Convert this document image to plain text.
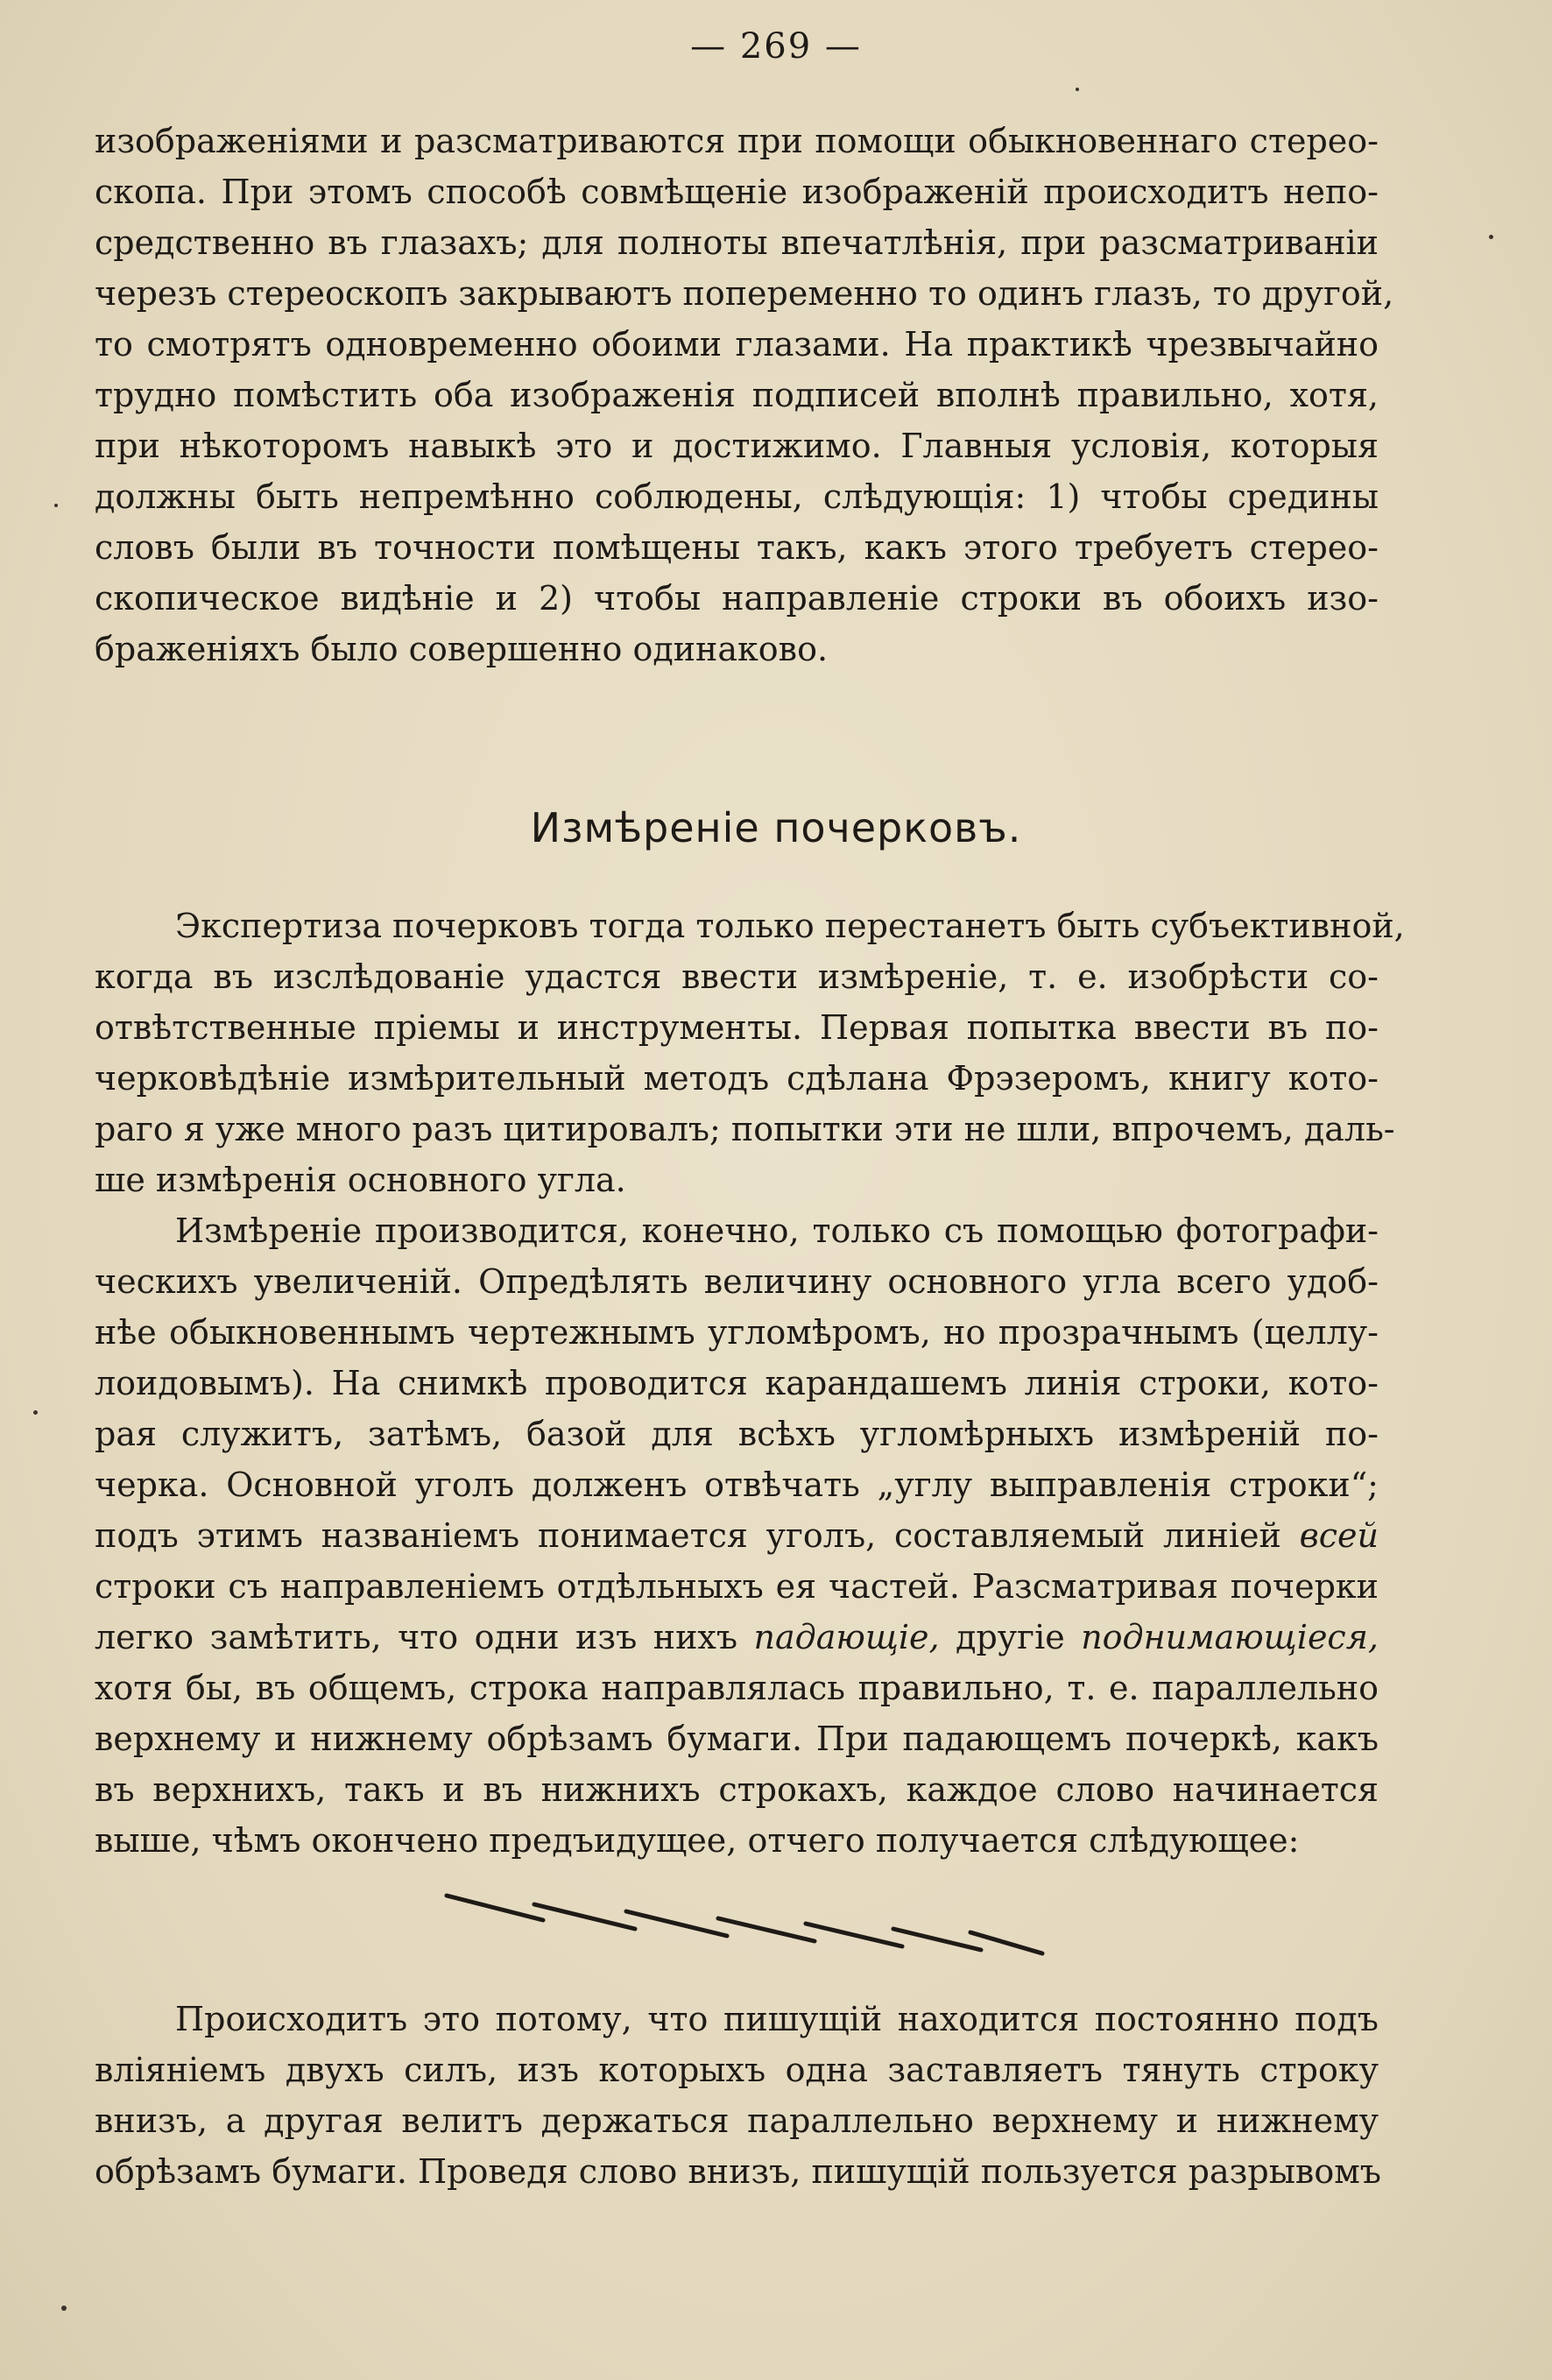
— 269 —
изображеніями и разсматриваются при помощи обыкновеннаго стерео-
скопа. При этомъ способѣ совмѣщеніе изображеній происходитъ непо-
средственно въ глазахъ; для полноты впечатлѣнія, при разсматриваніи
черезъ стереоскопъ закрываютъ попеременно то одинъ глазъ, то другой,
то смотрятъ одновременно обоими глазами. На практикѣ чрезвычайно
трудно помѣстить оба изображенія подписей вполнѣ правильно, хотя,
при нѣкоторомъ навыкѣ это и достижимо. Главныя условія, которыя
должны быть непремѣнно соблюдены, слѣдующія: 1) чтобы средины
словъ были въ точности помѣщены такъ, какъ этого требуетъ стерео-
скопическое видѣніе и 2) чтобы направленіе строки въ обоихъ изо-
браженіяхъ было совершенно одинаково.
Измѣреніе почерковъ.
Экспертиза почерковъ тогда только перестанетъ быть субъективной,
когда въ изслѣдованіе удастся ввести измѣреніе, т. е. изобрѣсти со-
отвѣтственные пріемы и инструменты. Первая попытка ввести въ по-
черковѣдѣніе измѣрительный методъ сдѣлана Фрэзеромъ, книгу кото-
раго я уже много разъ цитировалъ; попытки эти не шли, впрочемъ, даль-
ше измѣренія основного угла.
Измѣреніе производится, конечно, только съ помощью фотографи-
ческихъ увеличеній. Опредѣлять величину основного угла всего удоб-
нѣе обыкновеннымъ чертежнымъ угломѣромъ, но прозрачнымъ (целлу-
лоидовымъ). На снимкѣ проводится карандашемъ линія строки, кото-
рая служитъ, затѣмъ, базой для всѣхъ угломѣрныхъ измѣреній по-
черка. Основной уголъ долженъ отвѣчать „углу выправленія строки“;
подъ этимъ названіемъ понимается уголъ, составляемый линіей всей
строки съ направленіемъ отдѣльныхъ ея частей. Разсматривая почерки
легко замѣтить, что одни изъ нихъ падающіе, другіе поднимающіеся,
хотя бы, въ общемъ, строка направлялась правильно, т. е. параллельно
верхнему и нижнему обрѣзамъ бумаги. При падающемъ почеркѣ, какъ
въ верхнихъ, такъ и въ нижнихъ строкахъ, каждое слово начинается
выше, чѣмъ окончено предъидущее, отчего получается слѣдующее:
Происходитъ это потому, что пишущій находится постоянно подъ
вліяніемъ двухъ силъ, изъ которыхъ одна заставляетъ тянуть строку
внизъ, а другая велитъ держаться параллельно верхнему и нижнему
обрѣзамъ бумаги. Проведя слово внизъ, пишущій пользуется разрывомъ
